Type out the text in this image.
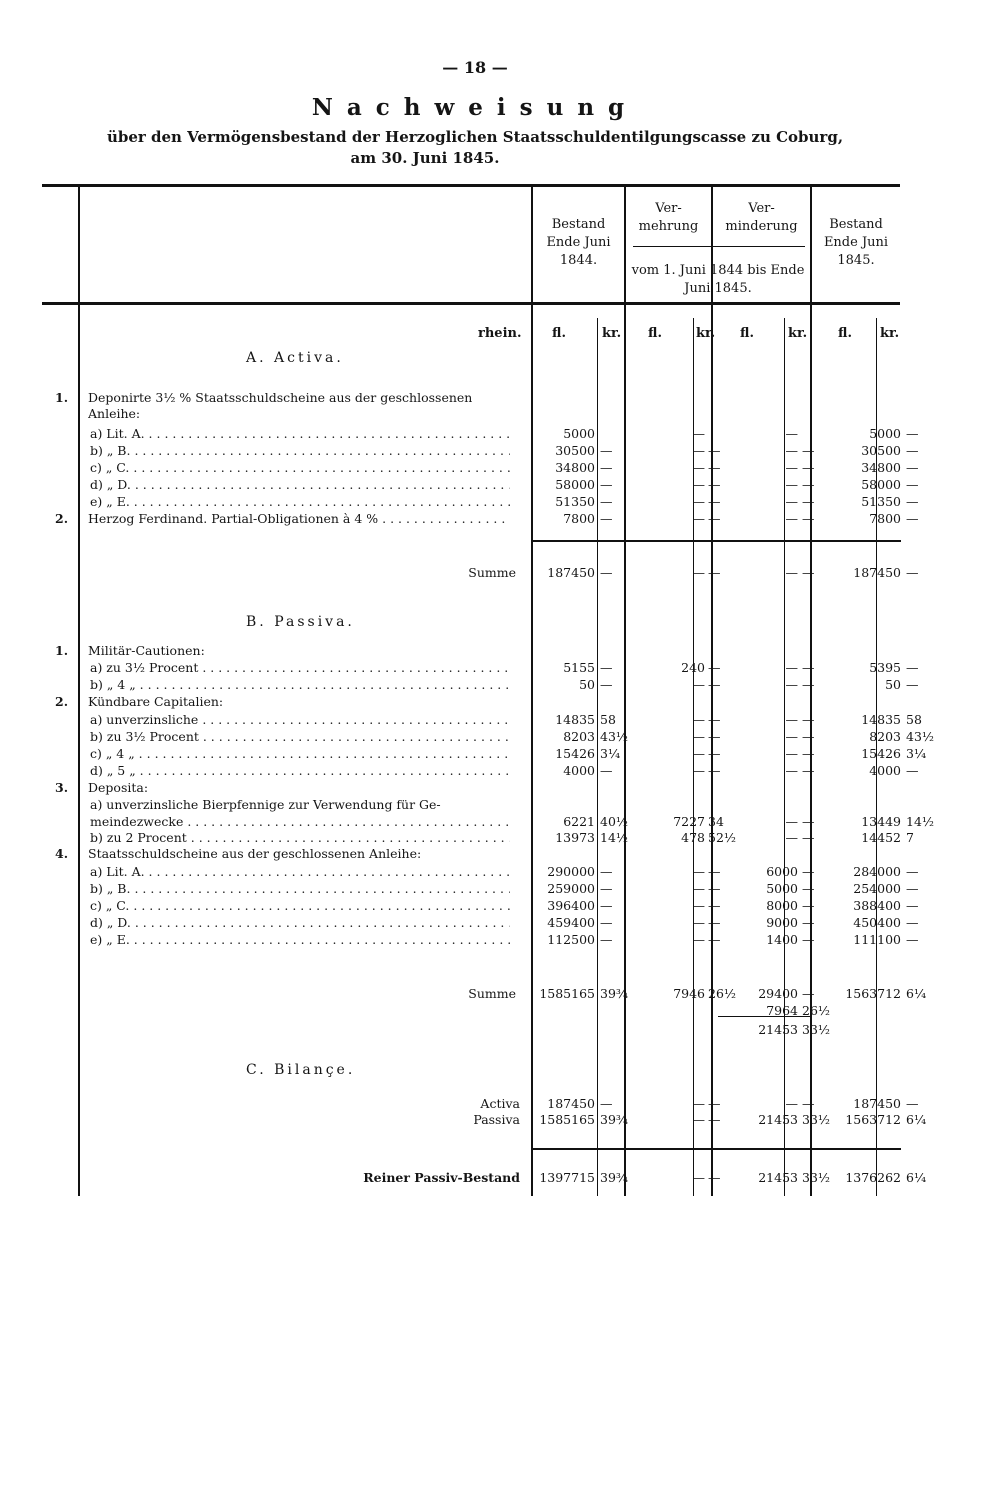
— 18 —
Nachweisung
über den Vermögensbestand der Herzoglichen Staatsschuldentilgungscasse zu Coburg,
am 30. Juni 1845.
Bestand
Ende Juni
1844.
Ver-
mehrung
Ver-
minderung
vom 1. Juni 1844 bis Ende Juni 1845.
Bestand
Ende Juni
1845.
rhein. fl.	kr. fl.	kr. fl.	kr. fl. kr.
A. Activa.
B. Passiva.
C. Bilançe.
1. Deponirte 3½ % Staatsschuldscheine aus der geschlossenen
Anleihe:
a) Lit. A. . . .	5000	—	—	5000 —
b) „ B. . . .	30500 —	— —	— —	30500 —
c) „ C. . . .	34800 —	— —	— —	34800 —
d) „ D. . . .	58000 —	— —	— —	58000 —
e) „ E. . . .	51350 —	— —	— —	51350 —
2. Herzog Ferdinand. Partial-Obligationen à 4 % . . .	7800 —	— —	— —	7800 —
Summe	187450 —	— —	— —	187450 —
1. Militär-Cautionen:
a) zu 3½ Procent . . .	5155 —	240 —	— —	5395 —
b) „ 4 „ . . .	50 —	— —	— —	50 —
2. Kündbare Capitalien:
a) unverzinsliche . . .	14835 58	— —	— —	14835 58
b) zu 3½ Procent . . .	8203 43½	— —	— —	8203 43½
c) „ 4 „ . . .	15426 3¼	— —	— —	15426 3¼
d) „ 5 „ . . .	4000 —	— —	— —	4000 —
3. Deposita:
a) unverzinsliche Bierpfennige zur Verwendung für Ge-
meindezwecke . . .	6221 40½	7227 34	— —	13449 14½
b) zu 2 Procent . . .	13973 14½	478 52½	— —	14452 7
4. Staatsschuldscheine aus der geschlossenen Anleihe:
a) Lit. A. . . .	290000 —	— —	6000 —	284000 —
b) „ B. . . .	259000 —	— —	5000 —	254000 —
c) „ C. . . .	396400 —	— —	8000 —	388400 —
d) „ D. . . .	459400 —	— —	9000 —	450400 —
e) „ E. . . .	112500 —	— —	1400 —	111100 —
Summe 1585165 39¾	7946 26½ 29400 — 1563712 6¼
7964 26½
21453 33½
Activa 187450 —	— —	— —	187450 —
Passiva 1585165 39¾	— —	21453 33½ 1563712 6¼
Reiner Passiv-Bestand 1397715 39¾	— —	21453 33½ 1376262 6¼
